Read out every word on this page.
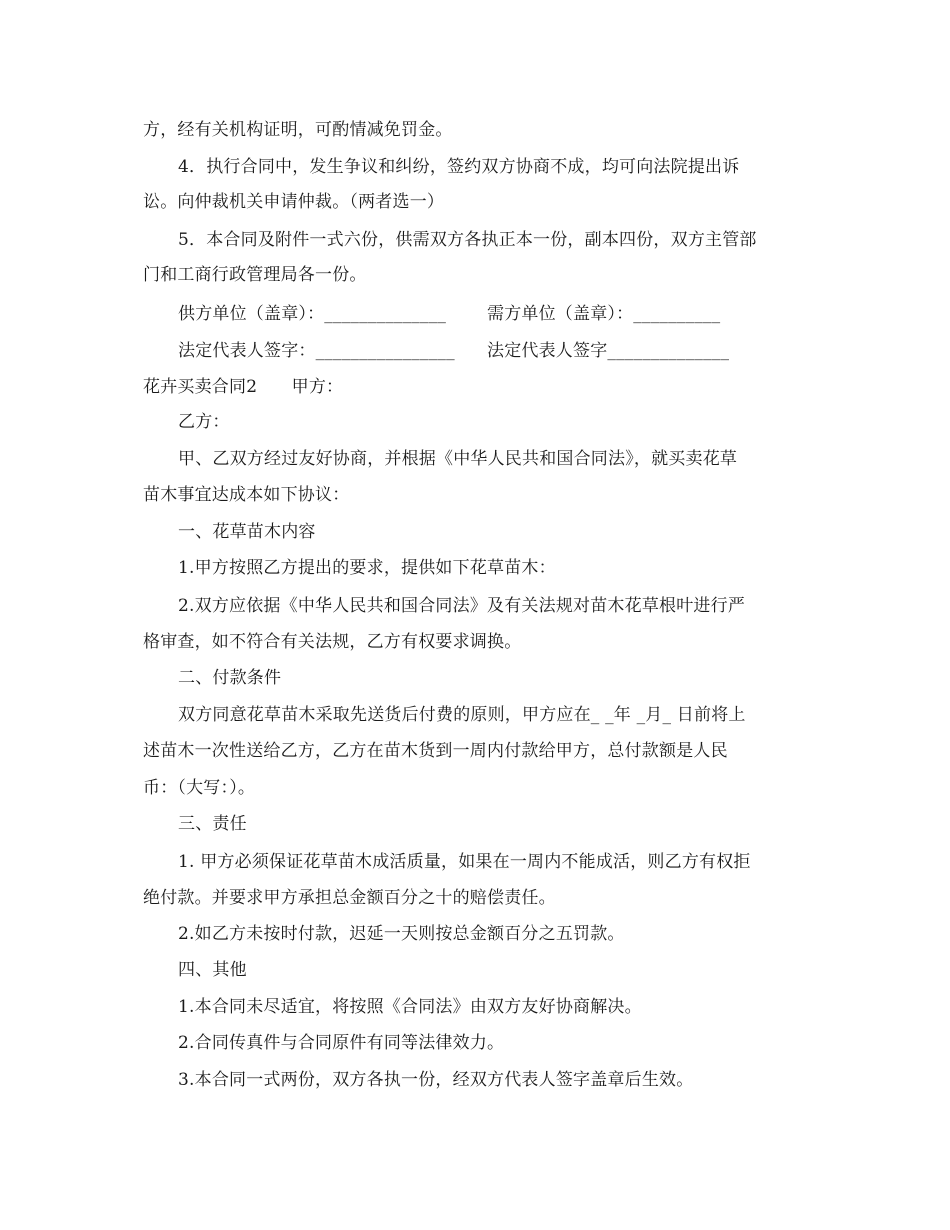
方，经有关机构证明，可酌情减免罚金。
4．执行合同中，发生争议和纠纷，签约双方协商不成，均可向法院提出诉
讼。向仲裁机关申请仲裁。（两者选一）
5．本合同及附件一式六份，供需双方各执正本一份，副本四份，双方主管部
门和工商行政管理局各一份。
供方单位（盖章）：______________ 需方单位（盖章）：__________
法定代表人签字：________________ 法定代表人签字______________
花卉买卖合同2　　甲方：
乙方：
甲、乙双方经过友好协商，并根据《中华人民共和国合同法》，就买卖花草
苗木事宜达成本如下协议：
一、花草苗木内容
1.甲方按照乙方提出的要求，提供如下花草苗木：
2.双方应依据《中华人民共和国合同法》及有关法规对苗木花草根叶进行严
格审查，如不符合有关法规，乙方有权要求调换。
二、付款条件
双方同意花草苗木采取先送货后付费的原则，甲方应在_ _年 _月_ 日前将上
述苗木一次性送给乙方，乙方在苗木货到一周内付款给甲方，总付款额是人民
币：（大写：）。
三、责任
1. 甲方必须保证花草苗木成活质量，如果在一周内不能成活，则乙方有权拒
绝付款。并要求甲方承担总金额百分之十的赔偿责任。
2.如乙方未按时付款，迟延一天则按总金额百分之五罚款。
四、其他
1.本合同未尽适宜，将按照《合同法》由双方友好协商解决。
2.合同传真件与合同原件有同等法律效力。
3.本合同一式两份，双方各执一份，经双方代表人签字盖章后生效。
